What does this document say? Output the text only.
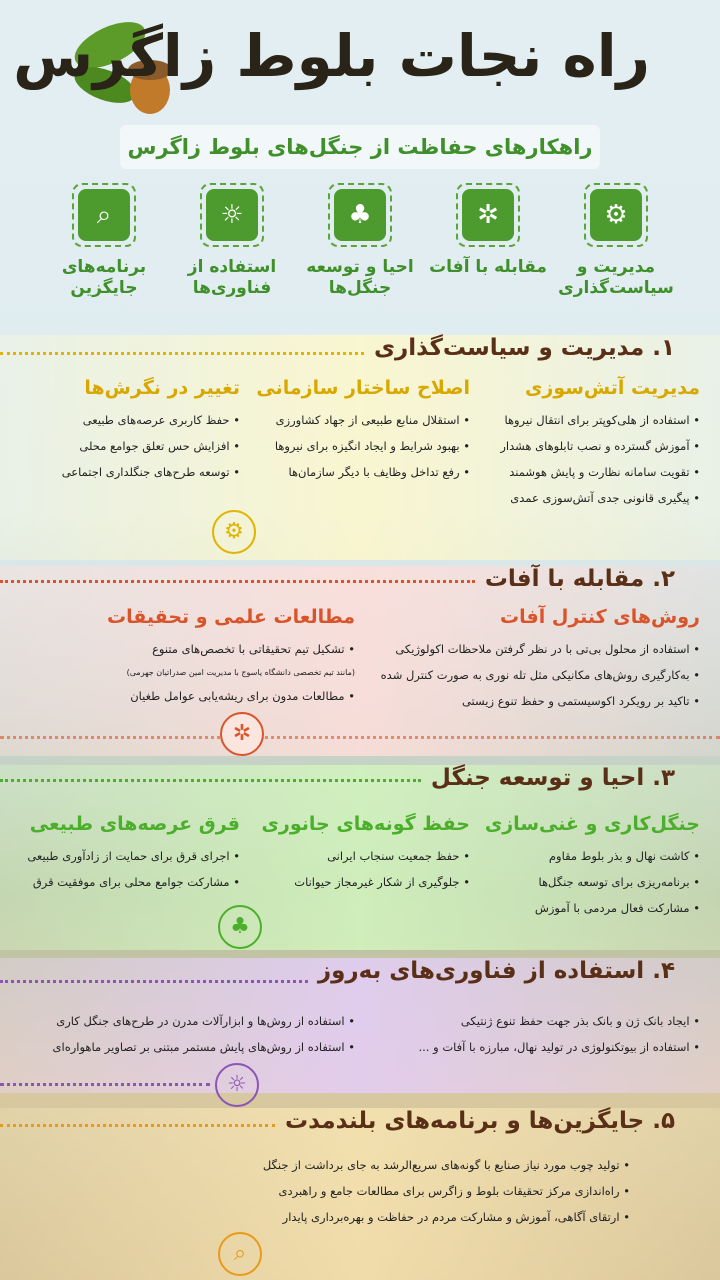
راه نجات بلوط زاگرس
راهکارهای حفاظت از جنگل‌های بلوط زاگرس
⚙
مدیریت و سیاست‌گذاری
✲
مقابله با آفات
♣
احیا و توسعه جنگل‌ها
☼
استفاده از فناوری‌ها
⌕
برنامه‌های جایگزین
۱. مدیریت و سیاست‌گذاری
مدیریت آتش‌سوزی
• استفاده از هلی‌کوپتر برای انتقال نیروها
• آموزش گسترده و نصب تابلوهای هشدار
• تقویت سامانه نظارت و پایش هوشمند
• پیگیری قانونی جدی آتش‌سوزی عمدی
اصلاح ساختار سازمانی
• استقلال منابع طبیعی از جهاد کشاورزی
• بهبود شرایط و ایجاد انگیزه برای نیروها
• رفع تداخل وظایف با دیگر سازمان‌ها
تغییر در نگرش‌ها
• حفظ کاربری عرصه‌های طبیعی
• افزایش حس تعلق جوامع محلی
• توسعه طرح‌های جنگلداری اجتماعی
⚙
۲. مقابله با آفات
روش‌های کنترل آفات
• استفاده از محلول بی‌تی با در نظر گرفتن ملاحظات اکولوژیکی
• به‌کارگیری روش‌های مکانیکی مثل تله نوری به صورت کنترل شده
• تاکید بر رویکرد اکوسیستمی و حفظ تنوع زیستی
مطالعات علمی و تحقیقات
• تشکیل تیم تحقیقاتی با تخصص‌های متنوع
(مانند تیم تخصصی دانشگاه یاسوج با مدیریت امین صدراتیان جهرمی)
• مطالعات مدون برای ریشه‌یابی عوامل طغیان
✲
۳. احیا و توسعه جنگل
جنگل‌کاری و غنی‌سازی
• کاشت نهال و بذر بلوط مقاوم
• برنامه‌ریزی برای توسعه جنگل‌ها
• مشارکت فعال مردمی با آموزش
حفظ گونه‌های جانوری
• حفظ جمعیت سنجاب ایرانی
• جلوگیری از شکار غیرمجاز حیوانات
قرق عرصه‌های طبیعی
• اجرای قرق برای حمایت از زادآوری طبیعی
• مشارکت جوامع محلی برای موفقیت قرق
♣
۴. استفاده از فناوری‌های به‌روز
• ایجاد بانک ژن و بانک بذر جهت حفظ تنوع ژنتیکی
• استفاده از بیوتکنولوژی در تولید نهال، مبارزه با آفات و ...
• استفاده از روش‌ها و ابزارآلات مدرن در طرح‌های جنگل کاری
• استفاده از روش‌های پایش مستمر مبتنی بر تصاویر ماهواره‌ای
☼
۵. جایگزین‌ها و برنامه‌های بلندمدت
• تولید چوب مورد نیاز صنایع با گونه‌های سریع‌الرشد به جای برداشت از جنگل
• راه‌اندازی مرکز تحقیقات بلوط و زاگرس برای مطالعات جامع و راهبردی
• ارتقای آگاهی، آموزش و مشارکت مردم در حفاظت و بهره‌برداری پایدار
⌕
